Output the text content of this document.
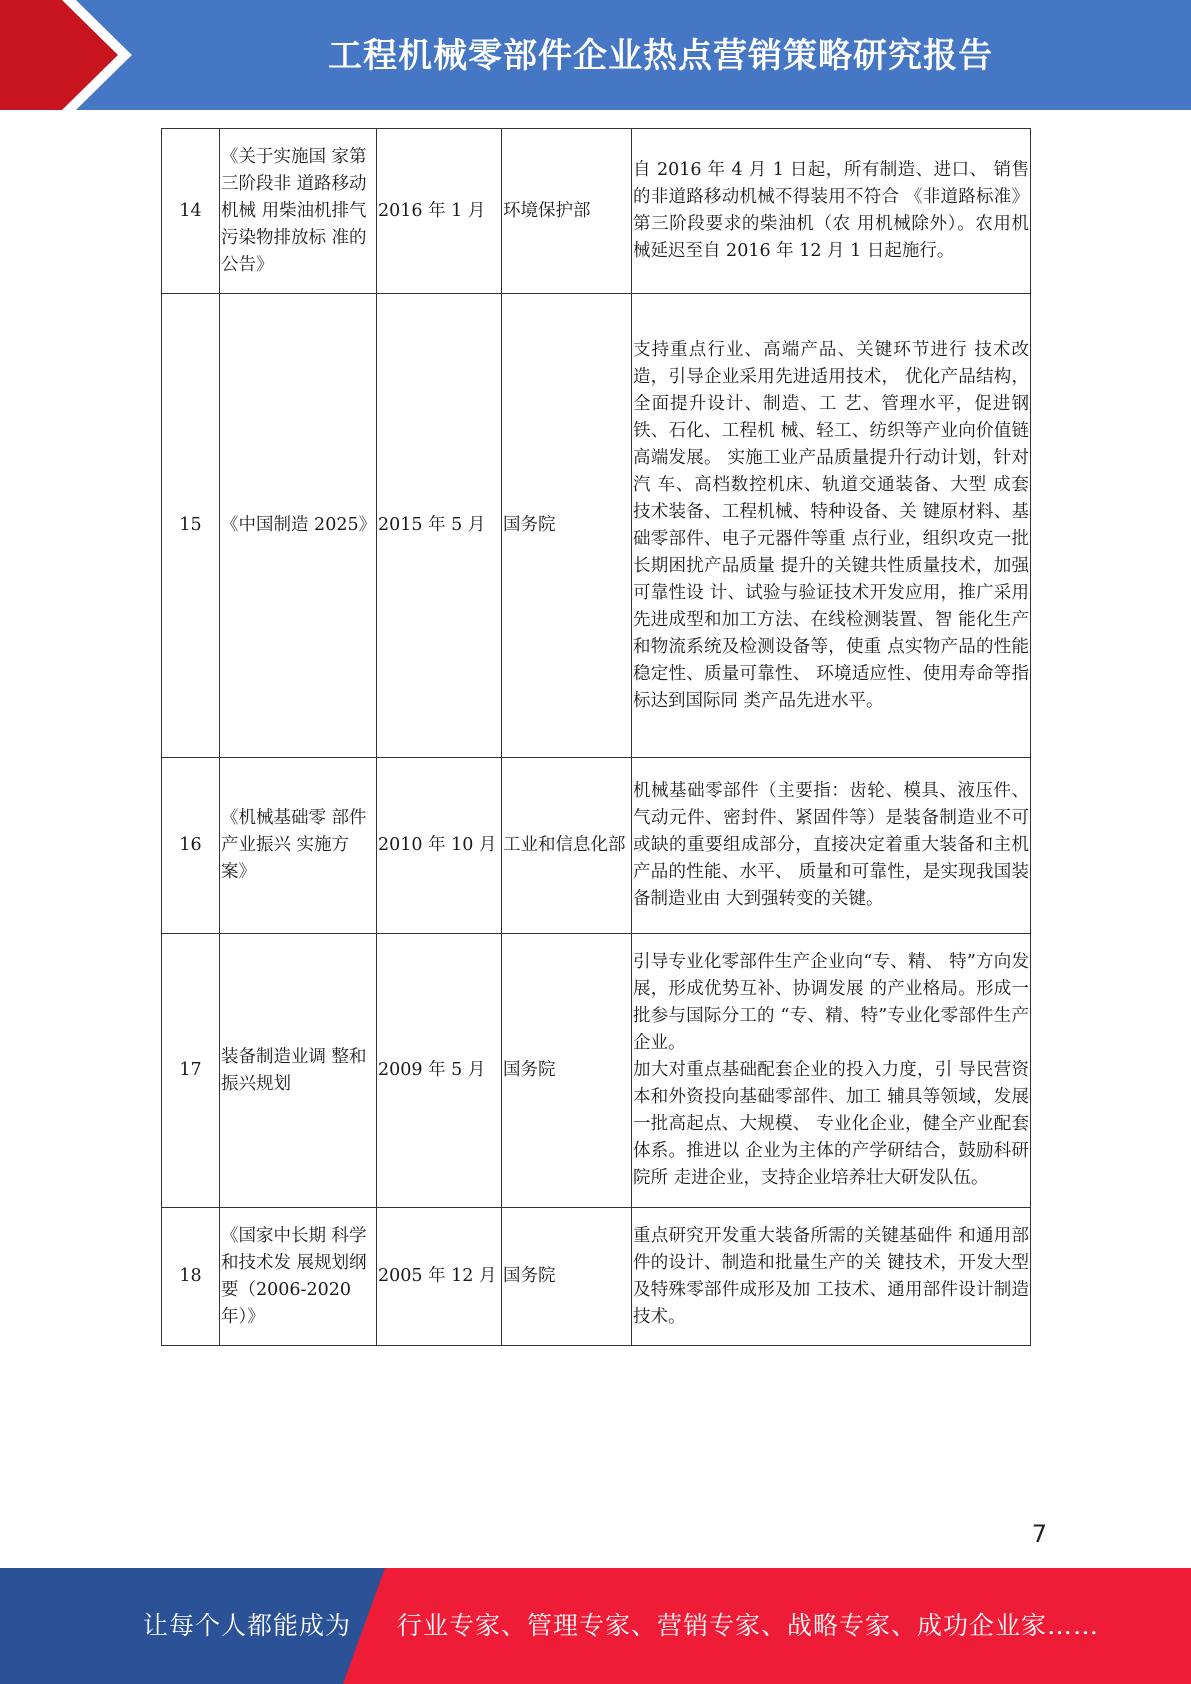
工程机械零部件企业热点营销策略研究报告
14	《关于实施国 家第三阶段非 道路移动机械 用柴油机排气 污染物排放标 准的公告》	2016 年 1 月	环境保护部	自 2016 年 4 月 1 日起，所有制造、进口、 销售的非道路移动机械不得装用不符合 《非道路标准》第三阶段要求的柴油机（农 用机械除外）。农用机械延迟至自 2016 年 12 月 1 日起施行。

15	《中国制造 2025》	2015 年 5 月	国务院	支持重点行业、高端产品、关键环节进行 技术改造，引导企业采用先进适用技术， 优化产品结构，全面提升设计、制造、工 艺、管理水平，促进钢铁、石化、工程机 械、轻工、纺织等产业向价值链高端发展。 实施工业产品质量提升行动计划，针对汽 车、高档数控机床、轨道交通装备、大型 成套技术装备、工程机械、特种设备、关 键原材料、基础零部件、电子元器件等重 点行业，组织攻克一批长期困扰产品质量 提升的关键共性质量技术，加强可靠性设 计、试验与验证技术开发应用，推广采用 先进成型和加工方法、在线检测装置、智 能化生产和物流系统及检测设备等，使重 点实物产品的性能稳定性、质量可靠性、 环境适应性、使用寿命等指标达到国际同 类产品先进水平。

16	《机械基础零 部件产业振兴 实施方案》	2010 年 10 月	工业和信息化部	机械基础零部件（主要指：齿轮、模具、液压件、气动元件、密封件、紧固件等）是装备制造业不可或缺的重要组成部分，直接决定着重大装备和主机产品的性能、水平、 质量和可靠性，是实现我国装备制造业由 大到强转变的关键。

17	装备制造业调 整和振兴规划	2009 年 5 月	国务院	引导专业化零部件生产企业向“专、精、 特”方向发展，形成优势互补、协调发展 的产业格局。形成一批参与国际分工的 “专、精、特”专业化零部件生产企业。
加大对重点基础配套企业的投入力度，引 导民营资本和外资投向基础零部件、加工 辅具等领域，发展一批高起点、大规模、 专业化企业，健全产业配套体系。推进以 企业为主体的产学研结合，鼓励科研院所 走进企业，支持企业培养壮大研发队伍。

18	《国家中长期 科学和技术发 展规划纲要（2006-2020 年）》	2005 年 12 月	国务院	重点研究开发重大装备所需的关键基础件 和通用部件的设计、制造和批量生产的关 键技术，开发大型及特殊零部件成形及加 工技术、通用部件设计制造技术。
7
让每个人都能成为 行业专家、管理专家、营销专家、战略专家、成功企业家……
